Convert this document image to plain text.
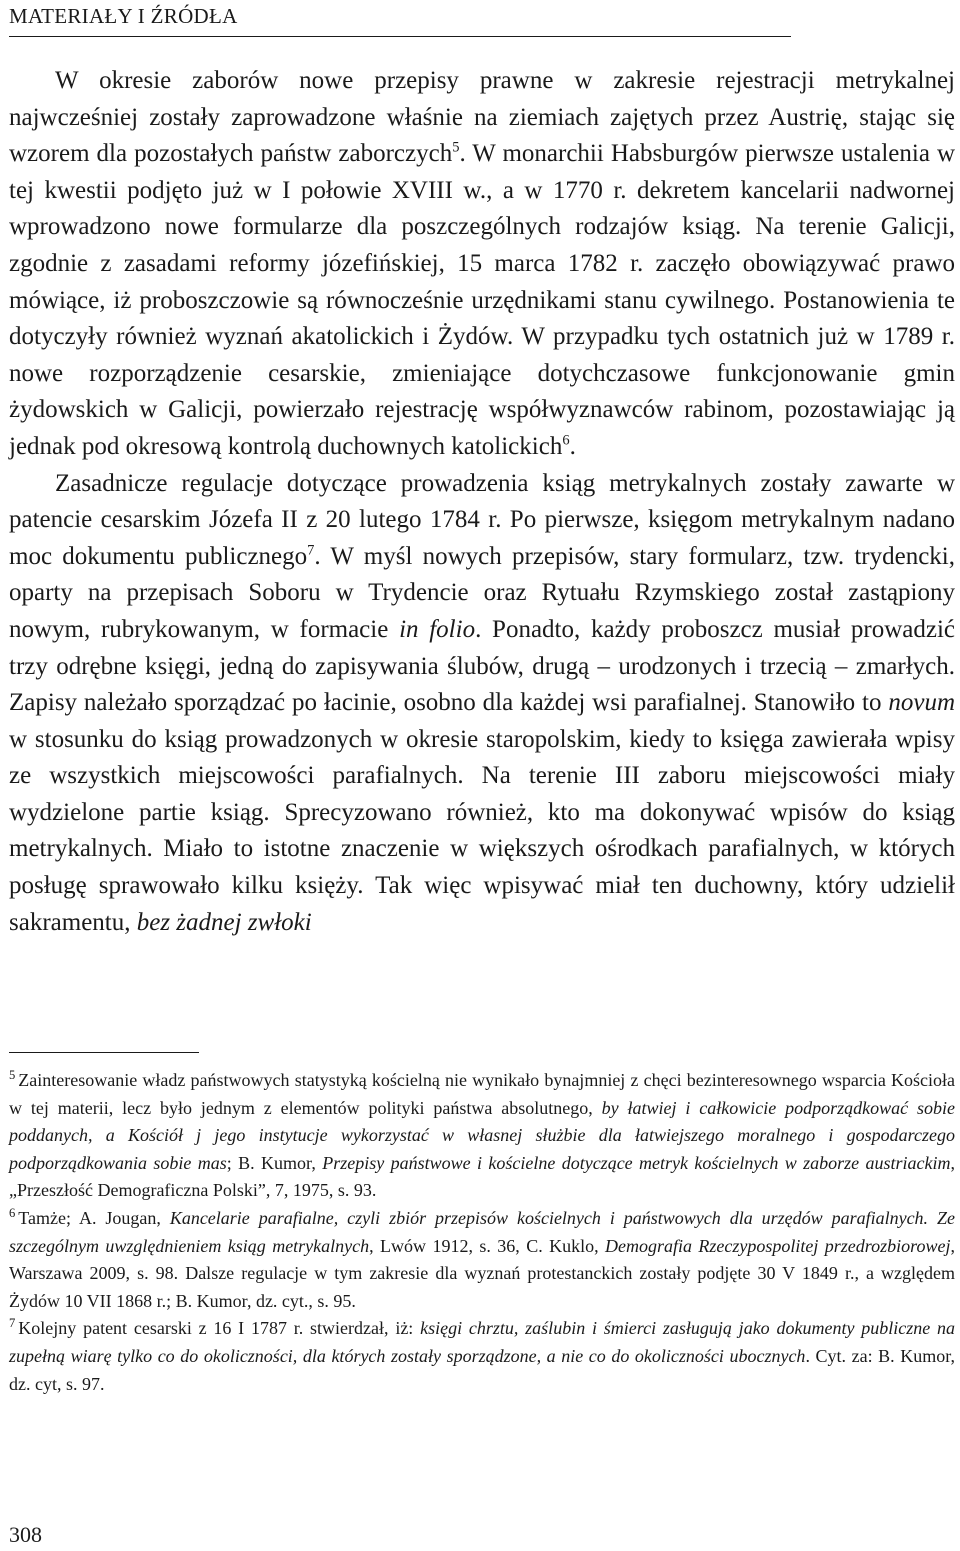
MATERIAŁY I ŹRÓDŁA

W okresie zaborów nowe przepisy prawne w zakresie rejestracji metrykalnej najwcześniej zostały zaprowadzone właśnie na ziemiach zajętych przez Austrię, stając się wzorem dla pozostałych państw zaborczych$^5$. W monarchii Habsburgów pierwsze ustalenia w tej kwestii podjęto już w I połowie XVIII w., a w 1770 r. dekretem kancelarii nadwornej wprowadzono nowe formularze dla poszczególnych rodzajów ksiąg. Na terenie Galicji, zgodnie z zasadami reformy józefińskiej, 15 marca 1782 r. zaczęło obowiązywać prawo mówiące, iż proboszczowie są równocześnie urzędnikami stanu cywilnego. Postanowienia te dotyczyły również wyznań akatolickich i Żydów. W przypadku tych ostatnich już w 1789 r. nowe rozporządzenie cesarskie, zmieniające dotychczasowe funkcjonowanie gmin żydowskich w Galicji, powierzało rejestrację współwyznawców rabinom, pozostawiając ją jednak pod okresową kontrolą duchownych katolickich$^6$.

Zasadnicze regulacje dotyczące prowadzenia ksiąg metrykalnych zostały zawarte w patencie cesarskim Józefa II z 20 lutego 1784 r. Po pierwsze, księgom metrykalnym nadano moc dokumentu publicznego$^7$. W myśl nowych przepisów, stary formularz, tzw. trydencki, oparty na przepisach Soboru w Trydencie oraz Rytuału Rzymskiego został zastąpiony nowym, rubrykowanym, w formacie in folio. Ponadto, każdy proboszcz musiał prowadzić trzy odrębne księgi, jedną do zapisywania ślubów, drugą – urodzonych i trzecią – zmarłych. Zapisy należało sporządzać po łacinie, osobno dla każdej wsi parafialnej. Stanowiło to novum w stosunku do ksiąg prowadzonych w okresie staropolskim, kiedy to księga zawierała wpisy ze wszystkich miejscowości parafialnych. Na terenie III zaboru miejscowości miały wydzielone partie ksiąg. Sprecyzowano również, kto ma dokonywać wpisów do ksiąg metrykalnych. Miało to istotne znaczenie w większych ośrodkach parafialnych, w których posługę sprawowało kilku księży. Tak więc wpisywać miał ten duchowny, który udzielił sakramentu, bez żadnej zwłoki

$^5$ Zainteresowanie władz państwowych statystyką kościelną nie wynikało bynajmniej z chęci bezinteresownego wsparcia Kościoła w tej materii, lecz było jednym z elementów polityki państwa absolutnego, by łatwiej i całkowicie podporządkować sobie poddanych, a Kościół j jego instytucje wykorzystać w własnej służbie dla łatwiejszego moralnego i gospodarczego podporządkowania sobie mas; B. Kumor, Przepisy państwowe i kościelne dotyczące metryk kościelnych w zaborze austriackim, „Przeszłość Demograficzna Polski”, 7, 1975, s. 93.

$^6$ Tamże; A. Jougan, Kancelarie parafialne, czyli zbiór przepisów kościelnych i państwowych dla urzędów parafialnych. Ze szczególnym uwzględnieniem ksiąg metrykalnych, Lwów 1912, s. 36, C. Kuklo, Demografia Rzeczypospolitej przedrozbiorowej, Warszawa 2009, s. 98. Dalsze regulacje w tym zakresie dla wyznań protestanckich zostały podjęte 30 V 1849 r., a względem Żydów 10 VII 1868 r.; B. Kumor, dz. cyt., s. 95.

$^7$ Kolejny patent cesarski z 16 I 1787 r. stwierdzał, iż: księgi chrztu, zaślubin i śmierci zasługują jako dokumenty publiczne na zupełną wiarę tylko co do okoliczności, dla których zostały sporządzone, a nie co do okoliczności ubocznych. Cyt. za: B. Kumor, dz. cyt, s. 97.

308
